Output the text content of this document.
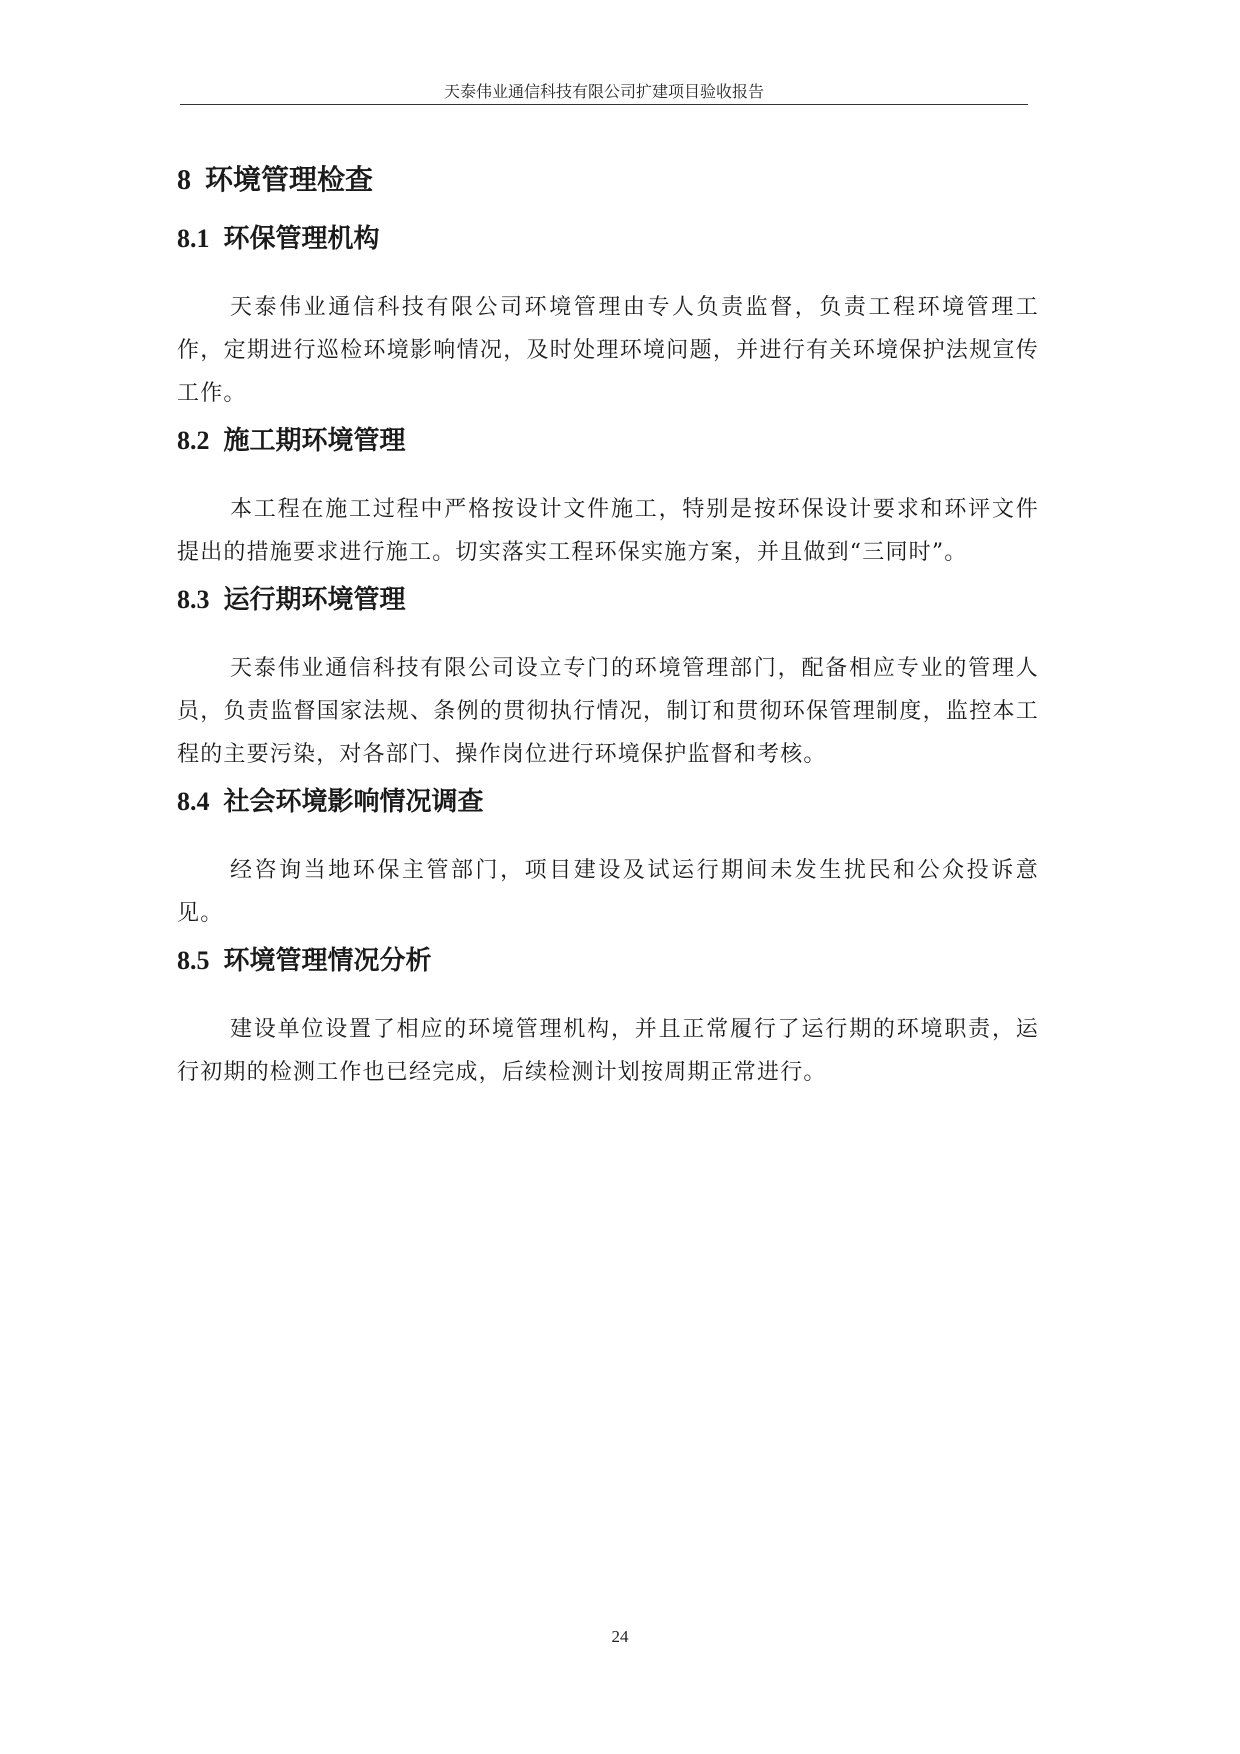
天泰伟业通信科技有限公司扩建项目验收报告
8 环境管理检查
8.1 环保管理机构

天泰伟业通信科技有限公司环境管理由专人负责监督，负责工程环境管理工作，定期进行巡检环境影响情况，及时处理环境问题，并进行有关环境保护法规宣传工作。

8.2 施工期环境管理

本工程在施工过程中严格按设计文件施工，特别是按环保设计要求和环评文件提出的措施要求进行施工。切实落实工程环保实施方案，并且做到“三同时”。

8.3 运行期环境管理

天泰伟业通信科技有限公司设立专门的环境管理部门，配备相应专业的管理人员，负责监督国家法规、条例的贯彻执行情况，制订和贯彻环保管理制度，监控本工程的主要污染，对各部门、操作岗位进行环境保护监督和考核。

8.4 社会环境影响情况调查

经咨询当地环保主管部门，项目建设及试运行期间未发生扰民和公众投诉意见。

8.5 环境管理情况分析

建设单位设置了相应的环境管理机构，并且正常履行了运行期的环境职责，运行初期的检测工作也已经完成，后续检测计划按周期正常进行。

24
